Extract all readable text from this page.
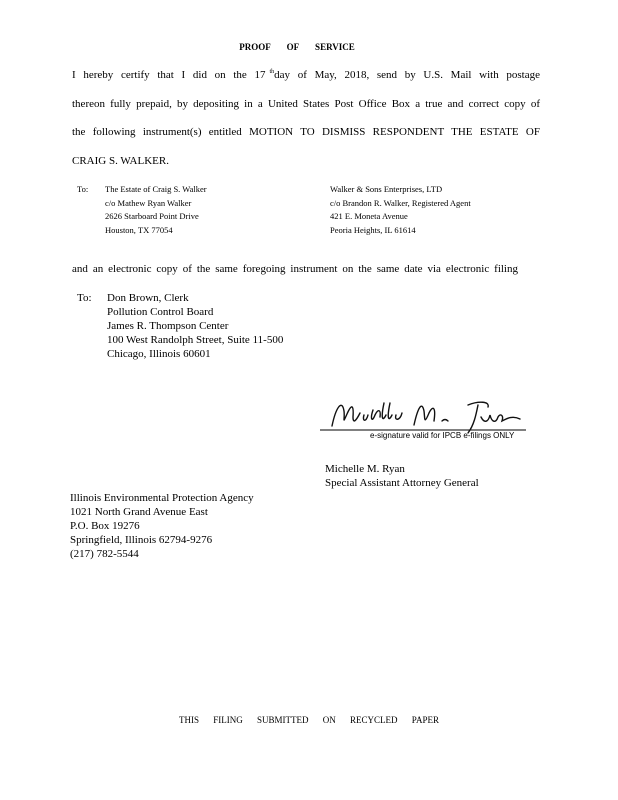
PROOF OF SERVICE
I hereby certify that I did on the 17 $^{th}$day of May, 2018, send by U.S. Mail with postage
thereon fully prepaid, by depositing in a United States Post Office Box a true and correct copy of
the following instrument(s) entitled MOTION TO DISMISS RESPONDENT THE ESTATE OF
CRAIG S. WALKER.
To: The Estate of Craig S. Walker
c/o Mathew Ryan Walker
2626 Starboard Point Drive
Houston, TX 77054
Walker & Sons Enterprises, LTD
c/o Brandon R. Walker, Registered Agent
421 E. Moneta Avenue
Peoria Heights, IL 61614
and an electronic copy of the same foregoing instrument on the same date via electronic filing
To: Don Brown, Clerk
Pollution Control Board
James R. Thompson Center
100 West Randolph Street, Suite 11-500
Chicago, Illinois 60601
e-signature valid for IPCB e-filings ONLY
Michelle M. Ryan
Special Assistant Attorney General
Illinois Environmental Protection Agency
1021 North Grand Avenue East
P.O. Box 19276
Springfield, Illinois 62794-9276
(217) 782-5544
THIS FILING SUBMITTED ON RECYCLED PAPER
